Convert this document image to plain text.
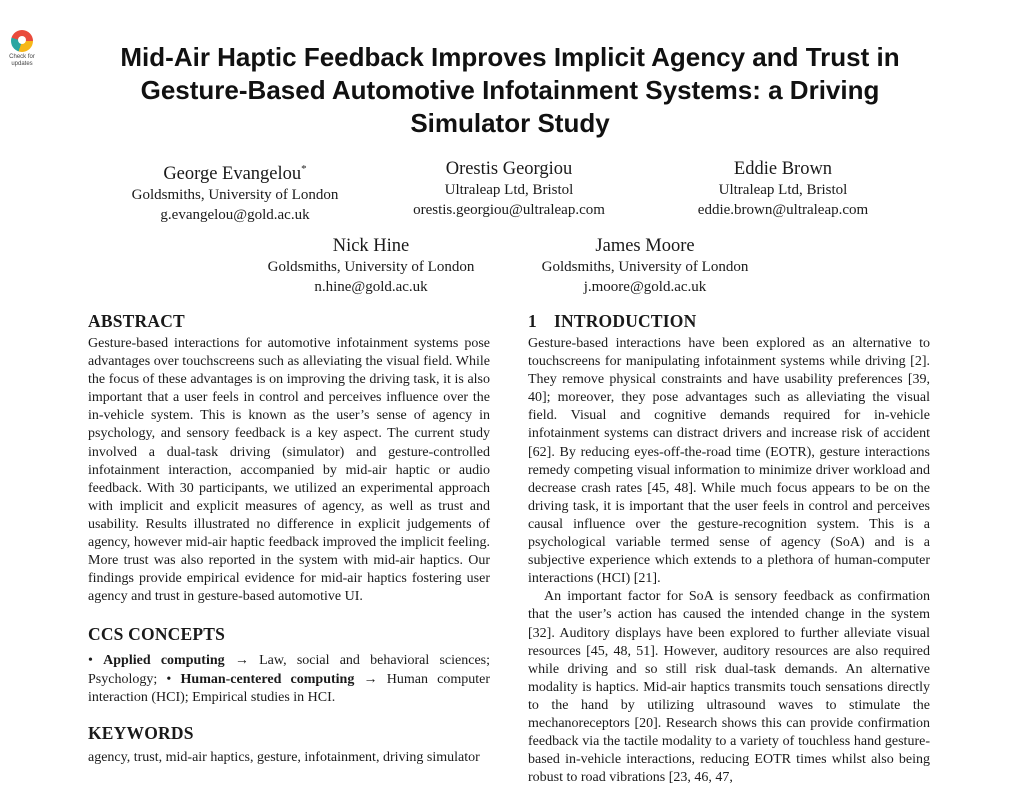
Check for
updates	Mid-Air Haptic Feedback Improves Implicit Agency and Trust in
Gesture-Based Automotive Infotainment Systems: a Driving
Simulator Study
George Evangelou*
Goldsmiths, University of London
g.evangelou@gold.ac.uk
Orestis Georgiou
Ultraleap Ltd, Bristol
orestis.georgiou@ultraleap.com
Eddie Brown
Ultraleap Ltd, Bristol
eddie.brown@ultraleap.com
Nick Hine
Goldsmiths, University of London
n.hine@gold.ac.uk
James Moore
Goldsmiths, University of London
j.moore@gold.ac.uk
ABSTRACT

Gesture-based interactions for automotive infotainment systems pose advantages over touchscreens such as alleviating the visual field. While the focus of these advantages is on improving the driving task, it is also important that a user feels in control and perceives influence over the in-vehicle system. This is known as the user’s sense of agency in psychology, and sensory feedback is a key aspect. The current study involved a dual-task driving (simulator) and gesture-controlled infotainment interaction, accompanied by mid-air haptic or audio feedback. With 30 participants, we utilized an experimental approach with implicit and explicit measures of agency, as well as trust and usability. Results illustrated no difference in explicit judgements of agency, however mid-air haptic feedback improved the implicit feeling. More trust was also reported in the system with mid-air haptics. Our findings provide empirical evidence for mid-air haptics fostering user agency and trust in gesture-based automotive UI.

CCS CONCEPTS

• Applied computing → Law, social and behavioral sciences; Psychology; • Human-centered computing → Human computer interaction (HCI); Empirical studies in HCI.

KEYWORDS

agency, trust, mid-air haptics, gesture, infotainment, driving simulator

1 INTRODUCTION

Gesture-based interactions have been explored as an alternative to touchscreens for manipulating infotainment systems while driving [2]. They remove physical constraints and have usability preferences [39, 40]; moreover, they pose advantages such as alleviating the visual field. Visual and cognitive demands required for in-vehicle infotainment systems can distract drivers and increase risk of accident [62]. By reducing eyes-off-the-road time (EOTR), gesture interactions remedy competing visual information to minimize driver workload and decrease crash rates [45, 48]. While much focus appears to be on the driving task, it is important that the user feels in control and perceives causal influence over the gesture-recognition system. This is a psychological variable termed sense of agency (SoA) and is a subjective experience which extends to a plethora of human-computer interactions (HCI) [21].

An important factor for SoA is sensory feedback as confirmation that the user’s action has caused the intended change in the system [32]. Auditory displays have been explored to further alleviate visual resources [45, 48, 51]. However, auditory resources are also required while driving and so still risk dual-task demands. An alternative modality is haptics. Mid-air haptics transmits touch sensations directly to the hand by utilizing ultrasound waves to stimulate the mechanoreceptors [20]. Research shows this can provide confirmation feedback via the tactile modality to a variety of touchless hand gesture-based in-vehicle interactions, reducing EOTR times whilst also being robust to road vibrations [23, 46, 47,
